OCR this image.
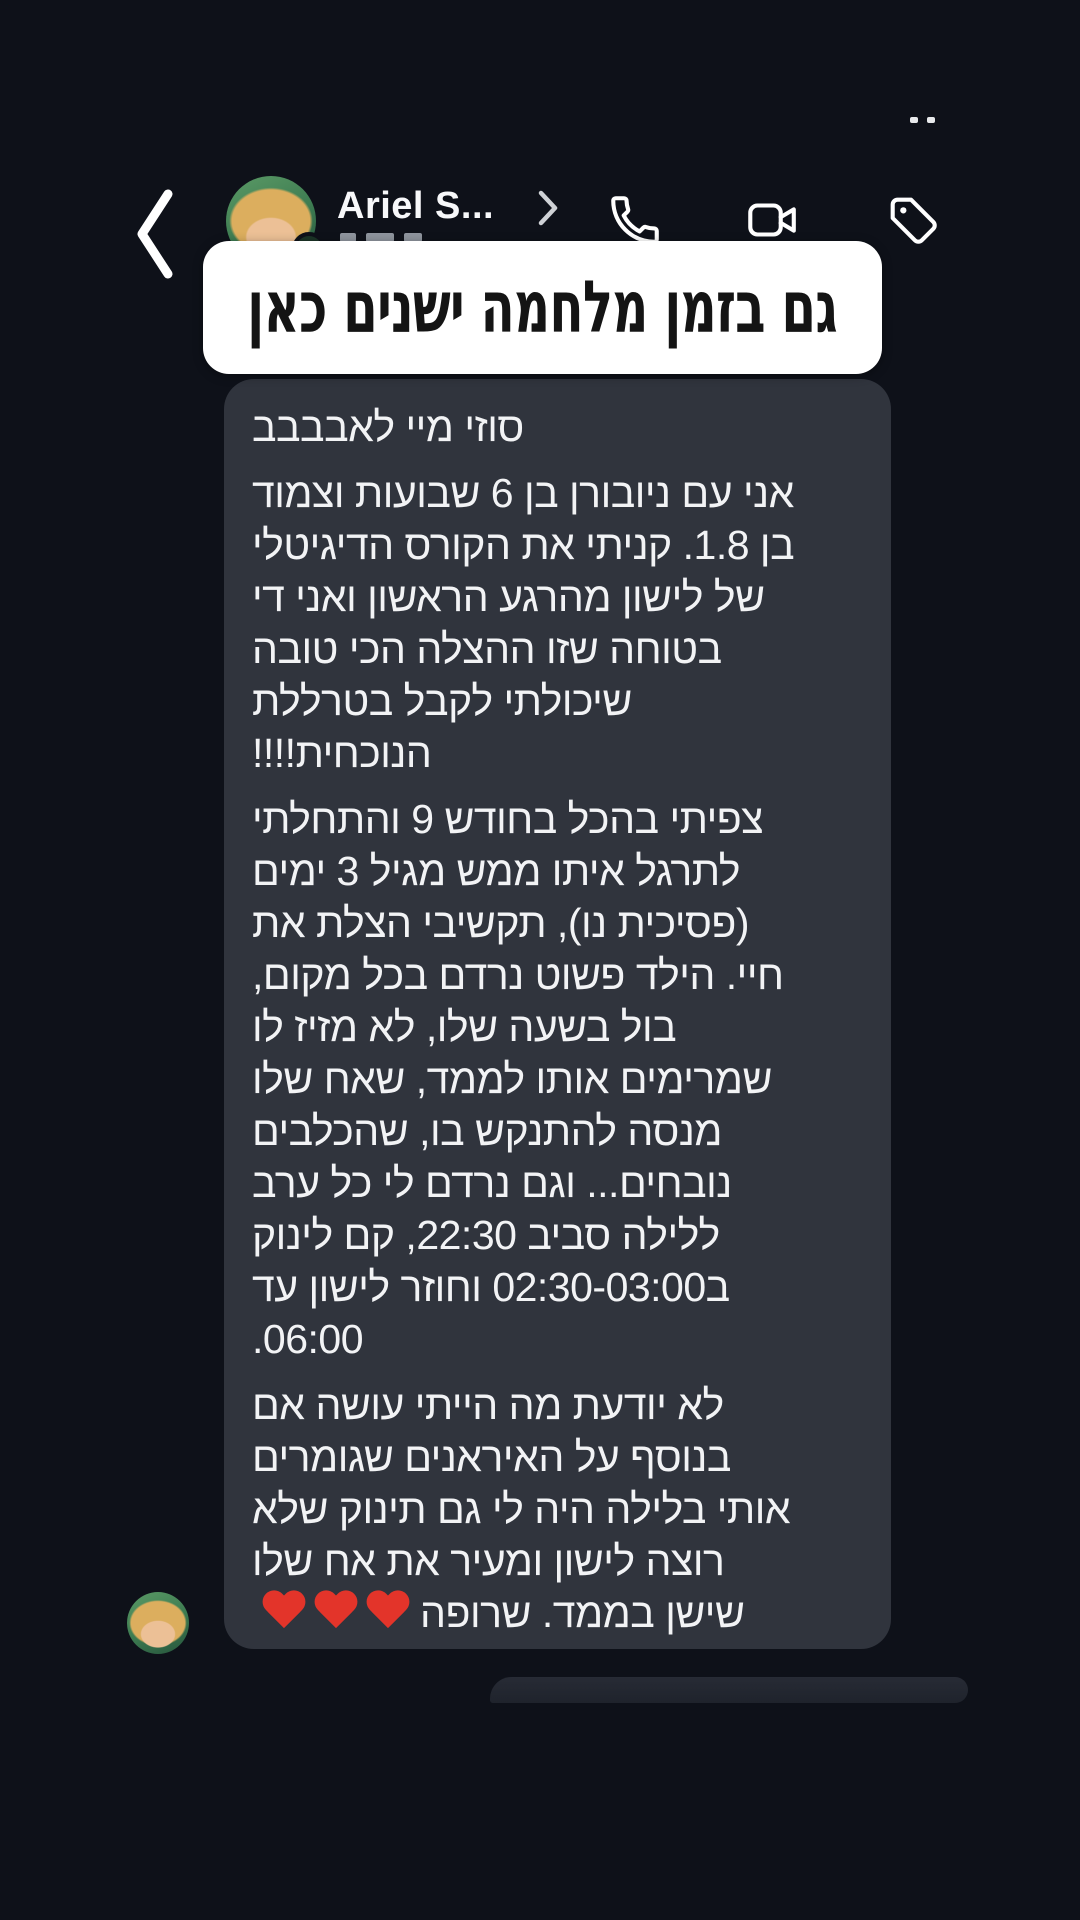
Ariel S...
גם בזמן מלחמה ישנים כאן
סוזי מיי לאבבבב
אני עם ניובורן בן 6 שבועות וצמוד
בן 1.8. קניתי את הקורס הדיגיטלי
של לישון מהרגע הראשון ואני די
בטוחה שזו ההצלה הכי טובה
שיכולתי לקבל בטרללת
הנוכחית!!!!
צפיתי בהכל בחודש 9 והתחלתי
לתרגל איתו ממש מגיל 3 ימים
(פסיכית נו), תקשיבי הצלת את
חיי. הילד פשוט נרדם בכל מקום,
בול בשעה שלו, לא מזיז לו
שמרימים אותו לממד, שאח שלו
מנסה להתנקש בו, שהכלבים
נובחים... וגם נרדם לי כל ערב
ללילה סביב 22:30, קם לינוק
ב02:30-03:00 וחוזר לישון עד
06:00.
לא יודעת מה הייתי עושה אם
בנוסף על האיראנים שגומרים
אותי בלילה היה לי גם תינוק שלא
רוצה לישון ומעיר את אח שלו
שישן בממד. שרופה
